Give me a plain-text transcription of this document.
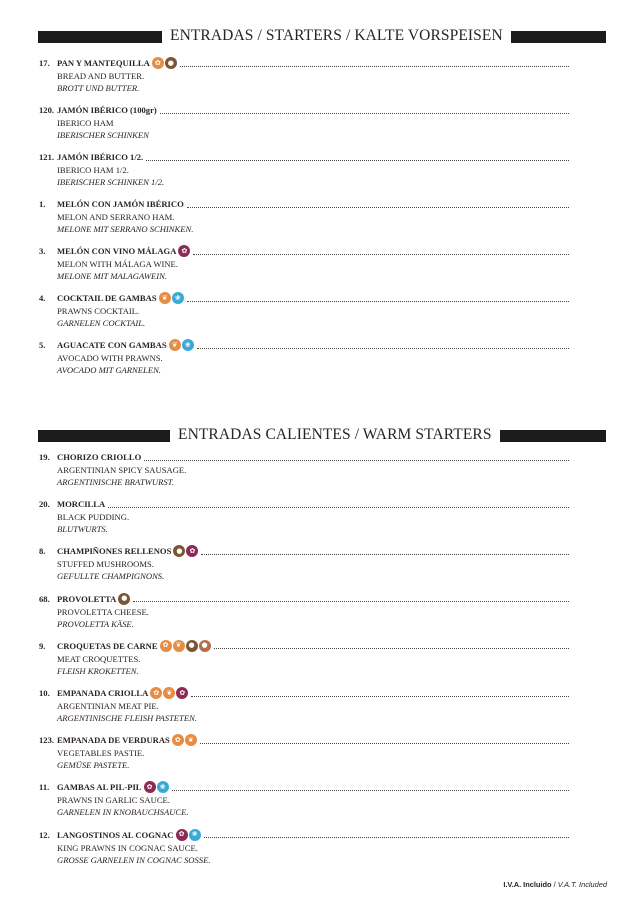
ENTRADAS / STARTERS / KALTE VORSPEISEN
17. PAN Y MANTEQUILLA ✿	●
BREAD AND BUTTER.
BROTT UND BUTTER.
120. JAMÓN IBÉRICO (100gr)
IBERICO HAM
IBERISCHER SCHINKEN
121. JAMÓN IBÉRICO 1/2.
IBERICO HAM 1/2.
IBERISCHER SCHINKEN 1/2.
1.	MELÓN CON JAMÓN IBÉRICO
MELON AND SERRANO HAM.
MELONE MIT SERRANO SCHINKEN.
3.	MELÓN CON VINO MÁLAGA ✿
MELON WITH MÁLAGA WINE.
MELONE MIT MALAGAWEIN.
4.	COCKTAIL DE GAMBAS ❦	❀
PRAWNS COCKTAIL.
GARNELEN COCKTAIL.
5.	AGUACATE CON GAMBAS ❦	❀
AVOCADO WITH PRAWNS.
AVOCADO MIT GARNELEN.
ENTRADAS CALIENTES / WARM STARTERS
19. CHORIZO CRIOLLO
ARGENTINIAN SPICY SAUSAGE.
ARGENTINISCHE BRATWURST.
20. MORCILLA
BLACK PUDDING.
BLUTWURTS.
8.	CHAMPIÑONES RELLENOS ●	✿
STUFFED MUSHROOMS.
GEFULLTE CHAMPIGNONS.
68. PROVOLETTA ●
PROVOLETTA CHEESE.
PROVOLETTA KÄSE.
9.	CROQUETAS DE CARNE ✿	❦	● ●
MEAT CROQUETTES.
FLEISH KROKETTEN.
10. EMPANADA CRIOLLA ✿	❦	✿
ARGENTINIAN MEAT PIE.
ARGENTINISCHE FLEISH PASTETEN.
123. EMPANADA DE VERDURAS ✿	❦
VEGETABLES PASTIE.
GEMÜSE PASTETE.
11. GAMBAS AL PIL-PIL ✿	❀
PRAWNS IN GARLIC SAUCE.
GARNELEN IN KNOBAUCHSAUCE.
12. LANGOSTINOS AL COGNAC ✿	❀
KING PRAWNS IN COGNAC SAUCE.
GROSSE GARNELEN IN COGNAC SOSSE.
I.V.A. Incluido / V.A.T. Included
